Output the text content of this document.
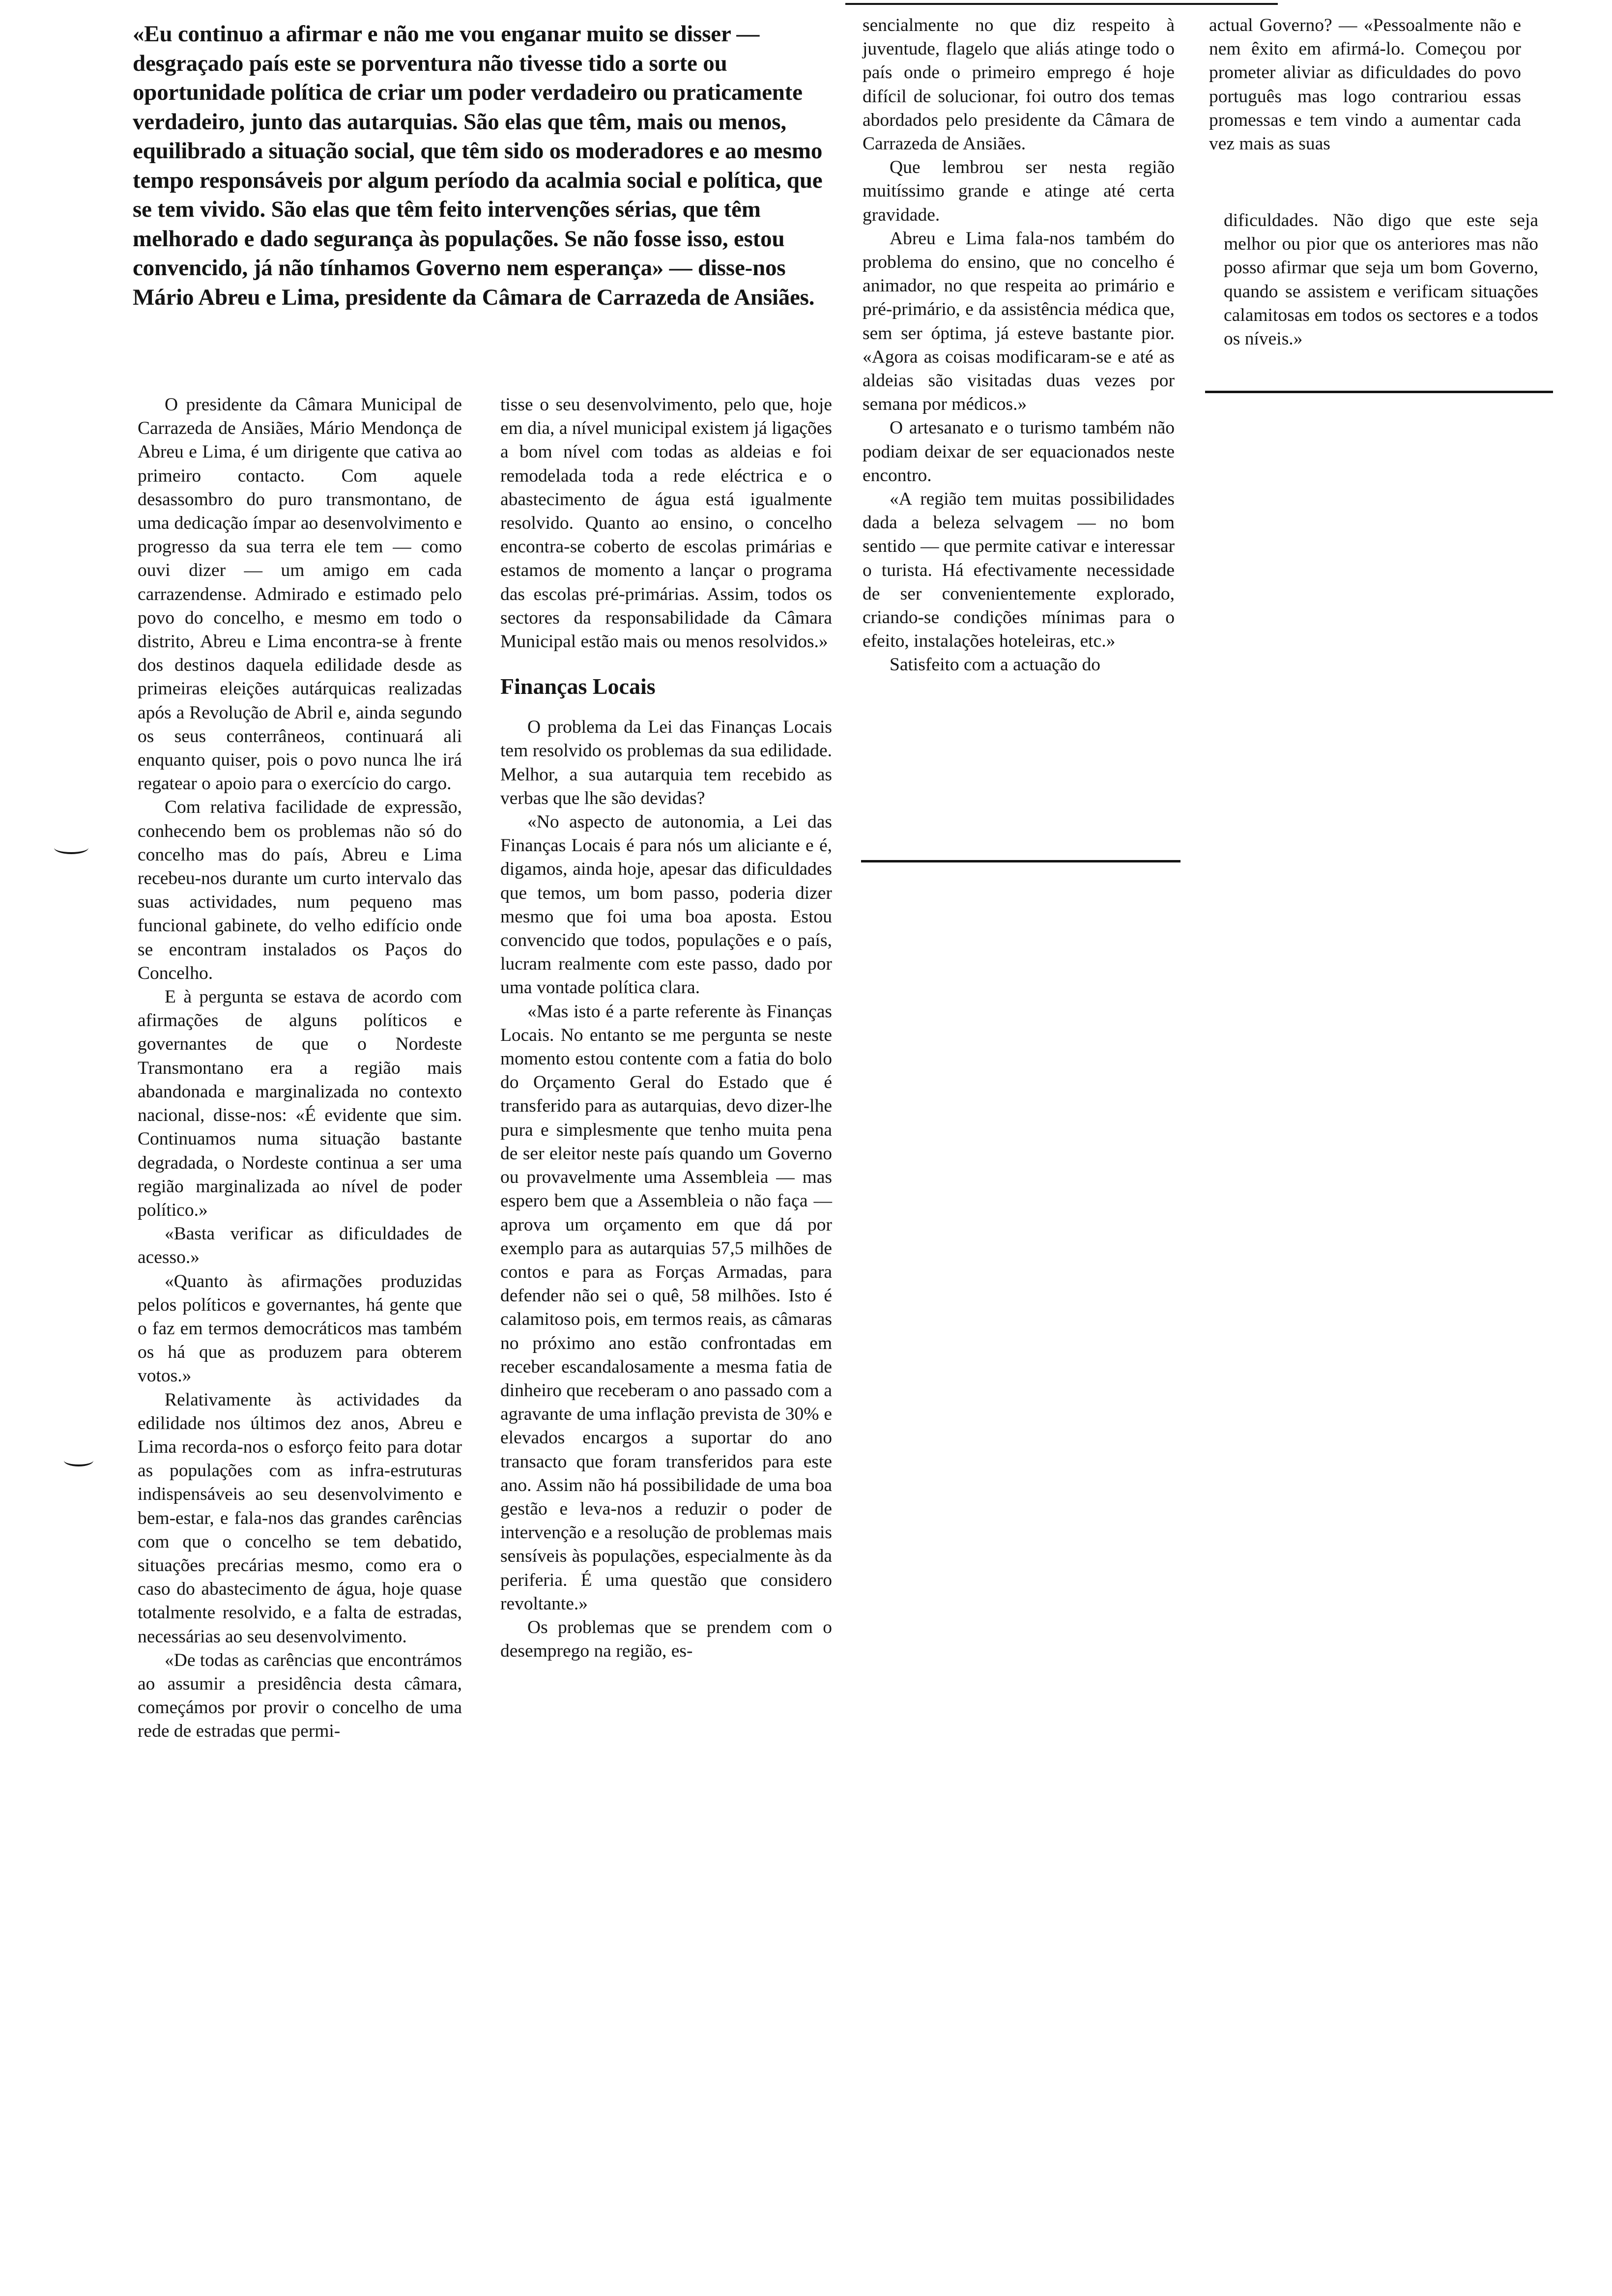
«Eu continuo a afirmar e não me vou enganar muito se disser — desgraçado país este se porventura não tivesse tido a sorte ou oportunidade política de criar um poder verdadeiro ou praticamente verdadeiro, junto das autarquias. São elas que têm, mais ou menos, equilibrado a situação social, que têm sido os moderadores e ao mesmo tempo responsáveis por algum período da acalmia social e política, que se tem vivido. São elas que têm feito intervenções sérias, que têm melhorado e dado segurança às populações. Se não fosse isso, estou convencido, já não tínhamos Governo nem esperança» — disse-nos Mário Abreu e Lima, presidente da Câmara de Carrazeda de Ansiães.

O presidente da Câmara Municipal de Carrazeda de Ansiães, Mário Mendonça de Abreu e Lima, é um dirigente que cativa ao primeiro contacto. Com aquele desassombro do puro transmontano, de uma dedicação ímpar ao desenvolvimento e progresso da sua terra ele tem — como ouvi dizer — um amigo em cada carrazendense. Admirado e estimado pelo povo do concelho, e mesmo em todo o distrito, Abreu e Lima encontra-se à frente dos destinos daquela edilidade desde as primeiras eleições autárquicas realizadas após a Revolução de Abril e, ainda segundo os seus conterrâneos, continuará ali enquanto quiser, pois o povo nunca lhe irá regatear o apoio para o exercício do cargo.

Com relativa facilidade de expressão, conhecendo bem os problemas não só do concelho mas do país, Abreu e Lima recebeu-nos durante um curto intervalo das suas actividades, num pequeno mas funcional gabinete, do velho edifício onde se encontram instalados os Paços do Concelho.

E à pergunta se estava de acordo com afirmações de alguns políticos e governantes de que o Nordeste Transmontano era a região mais abandonada e marginalizada no contexto nacional, disse-nos: «É evidente que sim. Continuamos numa situação bastante degradada, o Nordeste continua a ser uma região marginalizada ao nível de poder político.»

«Basta verificar as dificuldades de acesso.»

«Quanto às afirmações produzidas pelos políticos e governantes, há gente que o faz em termos democráticos mas também os há que as produzem para obterem votos.»

Relativamente às actividades da edilidade nos últimos dez anos, Abreu e Lima recorda-nos o esforço feito para dotar as populações com as infra-estruturas indispensáveis ao seu desenvolvimento e bem-estar, e fala-nos das grandes carências com que o concelho se tem debatido, situações precárias mesmo, como era o caso do abastecimento de água, hoje quase totalmente resolvido, e a falta de estradas, necessárias ao seu desenvolvimento.

«De todas as carências que encontrámos ao assumir a presidência desta câmara, começámos por provir o concelho de uma rede de estradas que permi-

tisse o seu desenvolvimento, pelo que, hoje em dia, a nível municipal existem já ligações a bom nível com todas as aldeias e foi remodelada toda a rede eléctrica e o abastecimento de água está igualmente resolvido. Quanto ao ensino, o concelho encontra-se coberto de escolas primárias e estamos de momento a lançar o programa das escolas pré-primárias. Assim, todos os sectores da responsabilidade da Câmara Municipal estão mais ou menos resolvidos.»

Finanças Locais

O problema da Lei das Finanças Locais tem resolvido os problemas da sua edilidade. Melhor, a sua autarquia tem recebido as verbas que lhe são devidas?

«No aspecto de autonomia, a Lei das Finanças Locais é para nós um aliciante e é, digamos, ainda hoje, apesar das dificuldades que temos, um bom passo, poderia dizer mesmo que foi uma boa aposta. Estou convencido que todos, populações e o país, lucram realmente com este passo, dado por uma vontade política clara.

«Mas isto é a parte referente às Finanças Locais. No entanto se me pergunta se neste momento estou contente com a fatia do bolo do Orçamento Geral do Estado que é transferido para as autarquias, devo dizer-lhe pura e simplesmente que tenho muita pena de ser eleitor neste país quando um Governo ou provavelmente uma Assembleia — mas espero bem que a Assembleia o não faça — aprova um orçamento em que dá por exemplo para as autarquias 57,5 milhões de contos e para as Forças Armadas, para defender não sei o quê, 58 milhões. Isto é calamitoso pois, em termos reais, as câmaras no próximo ano estão confrontadas em receber escandalosamente a mesma fatia de dinheiro que receberam o ano passado com a agravante de uma inflação prevista de 30% e elevados encargos a suportar do ano transacto que foram transferidos para este ano. Assim não há possibilidade de uma boa gestão e leva-nos a reduzir o poder de intervenção e a resolução de problemas mais sensíveis às populações, especialmente às da periferia. É uma questão que considero revoltante.»

Os problemas que se prendem com o desemprego na região, es-

sencialmente no que diz respeito à juventude, flagelo que aliás atinge todo o país onde o primeiro emprego é hoje difícil de solucionar, foi outro dos temas abordados pelo presidente da Câmara de Carrazeda de Ansiães.

Que lembrou ser nesta região muitíssimo grande e atinge até certa gravidade.

Abreu e Lima fala-nos também do problema do ensino, que no concelho é animador, no que respeita ao primário e pré-primário, e da assistência médica que, sem ser óptima, já esteve bastante pior. «Agora as coisas modificaram-se e até as aldeias são visitadas duas vezes por semana por médicos.»

O artesanato e o turismo também não podiam deixar de ser equacionados neste encontro.

«A região tem muitas possibilidades dada a beleza selvagem — no bom sentido — que permite cativar e interessar o turista. Há efectivamente necessidade de ser convenientemente explorado, criando-se condições mínimas para o efeito, instalações hoteleiras, etc.»

Satisfeito com a actuação do

actual Governo? — «Pessoalmente não e nem êxito em afirmá-lo. Começou por prometer aliviar as dificuldades do povo português mas logo contrariou essas promessas e tem vindo a aumentar cada vez mais as suas

dificuldades. Não digo que este seja melhor ou pior que os anteriores mas não posso afirmar que seja um bom Governo, quando se assistem e verificam situações calamitosas em todos os sectores e a todos os níveis.»
